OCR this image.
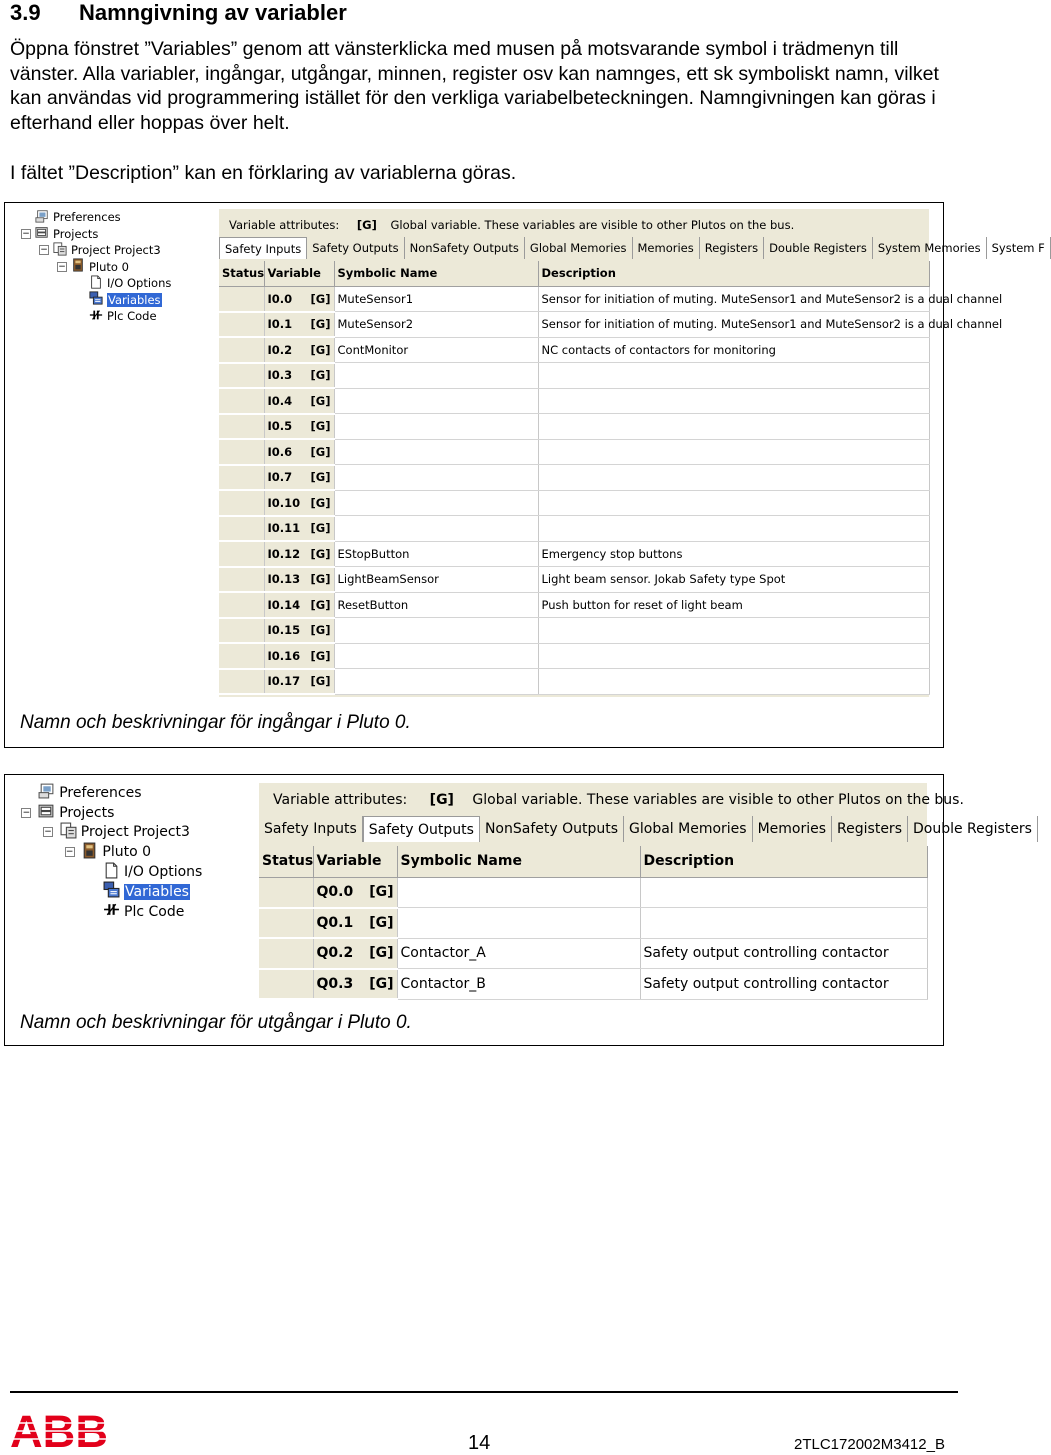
3.9 Namngivning av variabler
Öppna fönstret ”Variables” genom att vänsterklicka med musen på motsvarande symbol i trädmenyn till vänster. Alla variabler, ingångar, utgångar, minnen, register osv kan namnges, ett sk symboliskt namn, vilket kan användas vid programmering istället för den verkliga variabelbeteckningen. Namngivningen kan göras i efterhand eller hoppas över helt.
I fältet ”Description” kan en förklaring av variablerna göras.
Preferences
− Projects
− Project Project3
− Pluto 0
I/O Options
Variables
Plc Code
Variable attributes: [G] Global variable. These variables are visible to other Plutos on the bus.
Safety Inputs Safety Outputs NonSafety Outputs Global Memories Memories Registers Double Registers System Memories System F
Status	Variable	Symbolic Name	Description
	I0.0 [G]	MuteSensor1	Sensor for initiation of muting. MuteSensor1 and MuteSensor2 is a dual channel
	I0.1 [G]	MuteSensor2	Sensor for initiation of muting. MuteSensor1 and MuteSensor2 is a dual channel
	I0.2 [G]	ContMonitor	NC contacts of contactors for monitoring
	I0.3 [G]		

	I0.4 [G]		

	I0.5 [G]		

	I0.6 [G]		

	I0.7 [G]		

	I0.10 [G]		

	I0.11 [G]		

	I0.12 [G]	EStopButton	Emergency stop buttons
	I0.13 [G]	LightBeamSensor	Light beam sensor. Jokab Safety type Spot
	I0.14 [G]	ResetButton	Push button for reset of light beam
	I0.15 [G]		

	I0.16 [G]		

	I0.17 [G]		

Namn och beskrivningar för ingångar i Pluto 0.
Preferences
− Projects
− Project Project3
− Pluto 0
I/O Options
Variables
Plc Code
Variable attributes: [G] Global variable. These variables are visible to other Plutos on the bus.
Safety Inputs Safety Outputs NonSafety Outputs Global Memories Memories Registers Double Registers
Status	Variable	Symbolic Name	Description
	Q0.0 [G]		

	Q0.1 [G]		

	Q0.2 [G]	Contactor_A	Safety output controlling contactor
	Q0.3 [G]	Contactor_B	Safety output controlling contactor
Namn och beskrivningar för utgångar i Pluto 0.
ABB	14	2TLC172002M3412_B
